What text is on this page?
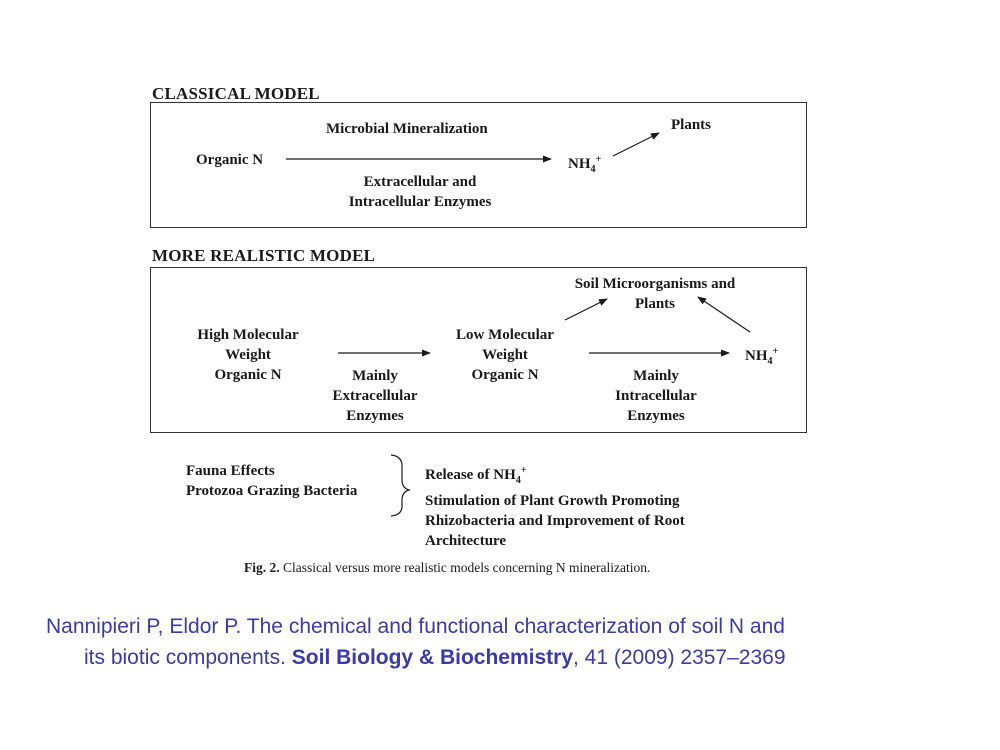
CLASSICAL MODEL
Organic N
Microbial Mineralization
Extracellular and
Intracellular Enzymes
$NH_4^+$
Plants
MORE REALISTIC MODEL
High Molecular
Weight
Organic N	Mainly
Extracellular
Enzymes
Low Molecular
Weight
Organic N	Mainly
Intracellular
Enzymes
Soil Microorganisms and
Plants
$NH_4^+$
Fauna Effects
Protozoa Grazing Bacteria
Release of $NH_4^+$
Stimulation of Plant Growth Promoting
Rhizobacteria and Improvement of Root
Architecture
Fig. 2. Classical versus more realistic models concerning N mineralization.
Nannipieri P, Eldor P. The chemical and functional characterization of soil N and
its biotic components. Soil Biology & Biochemistry, 41 (2009) 2357–2369
